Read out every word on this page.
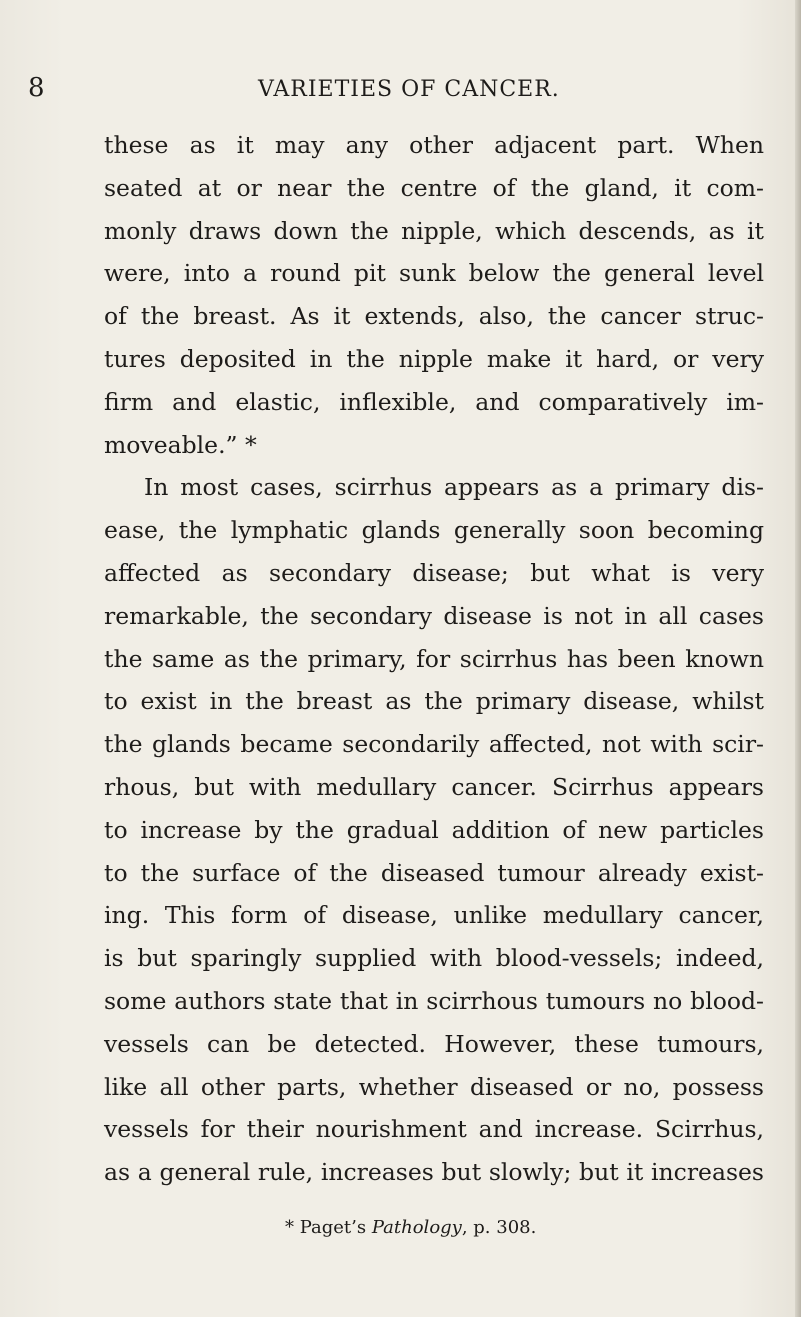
8	VARIETIES OF CANCER.
these as it may any other adjacent part. When
seated at or near the centre of the gland, it com-
monly draws down the nipple, which descends, as it
were, into a round pit sunk below the general level
of the breast. As it extends, also, the cancer struc-
tures deposited in the nipple make it hard, or very
firm and elastic, inflexible, and comparatively im-
moveable.” *
In most cases, scirrhus appears as a primary dis-
ease, the lymphatic glands generally soon becoming
affected as secondary disease; but what is very
remarkable, the secondary disease is not in all cases
the same as the primary, for scirrhus has been known
to exist in the breast as the primary disease, whilst
the glands became secondarily affected, not with scir-
rhous, but with medullary cancer. Scirrhus appears
to increase by the gradual addition of new particles
to the surface of the diseased tumour already exist-
ing. This form of disease, unlike medullary cancer,
is but sparingly supplied with blood-vessels; indeed,
some authors state that in scirrhous tumours no blood-
vessels can be detected. However, these tumours,
like all other parts, whether diseased or no, possess
vessels for their nourishment and increase. Scirrhus,
as a general rule, increases but slowly; but it increases
* Paget’s Pathology, p. 308.
